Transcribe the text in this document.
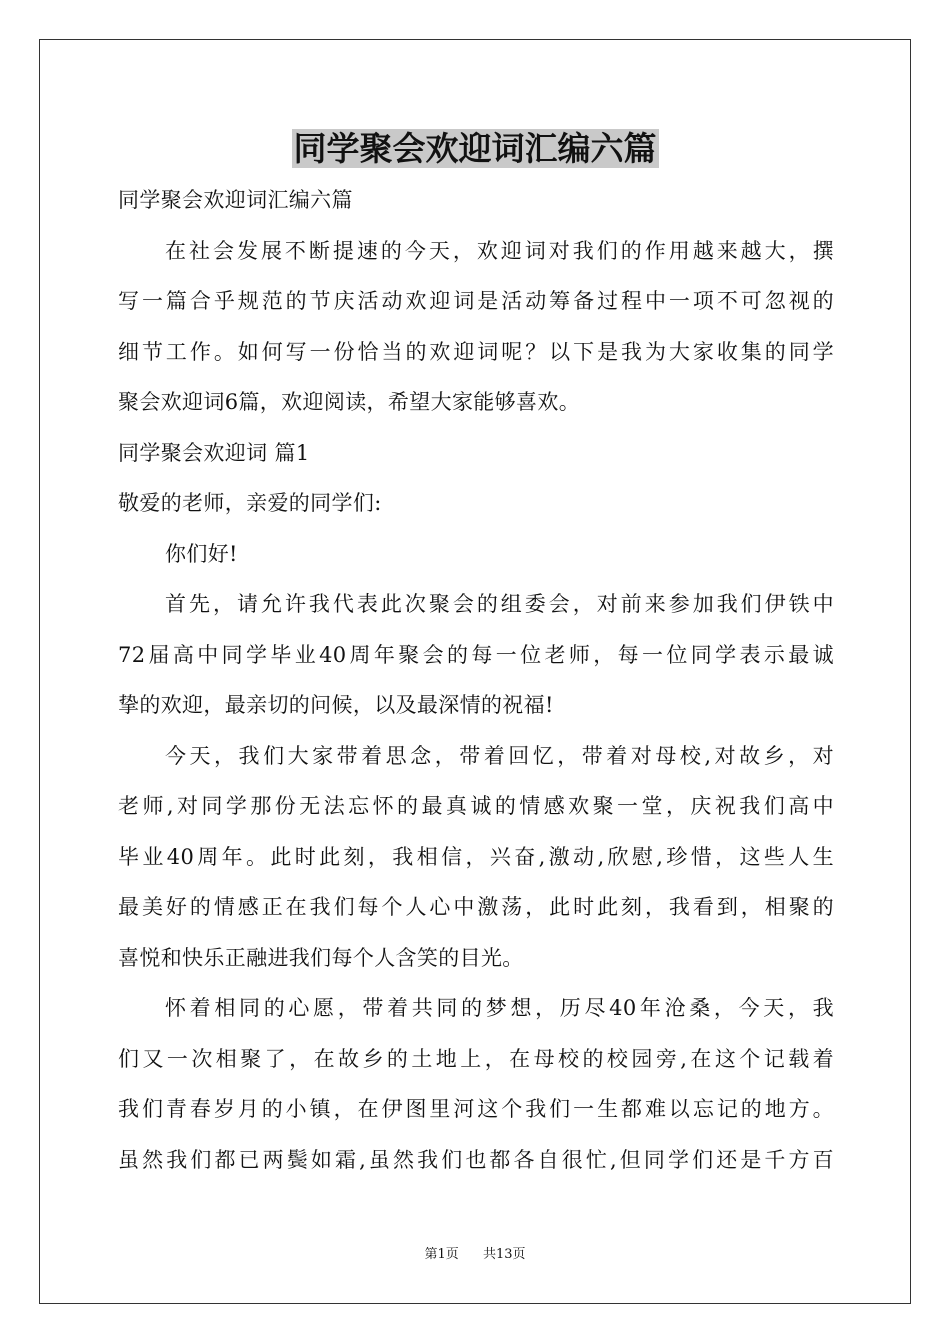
同学聚会欢迎词汇编六篇
同学聚会欢迎词汇编六篇
在社会发展不断提速的今天，欢迎词对我们的作用越来越大，撰
写一篇合乎规范的节庆活动欢迎词是活动筹备过程中一项不可忽视的
细节工作。如何写一份恰当的欢迎词呢？以下是我为大家收集的同学
聚会欢迎词6篇，欢迎阅读，希望大家能够喜欢。
同学聚会欢迎词 篇1
敬爱的老师，亲爱的同学们:
你们好!
首先，请允许我代表此次聚会的组委会，对前来参加我们伊铁中
72届高中同学毕业40周年聚会的每一位老师，每一位同学表示最诚
挚的欢迎，最亲切的问候，以及最深情的祝福!
今天，我们大家带着思念，带着回忆，带着对母校,对故乡，对
老师,对同学那份无法忘怀的最真诚的情感欢聚一堂，庆祝我们高中
毕业40周年。此时此刻，我相信，兴奋,激动,欣慰,珍惜，这些人生
最美好的情感正在我们每个人心中激荡，此时此刻，我看到，相聚的
喜悦和快乐正融进我们每个人含笑的目光。
怀着相同的心愿，带着共同的梦想，历尽40年沧桑，今天，我
们又一次相聚了，在故乡的土地上，在母校的校园旁,在这个记载着
我们青春岁月的小镇，在伊图里河这个我们一生都难以忘记的地方。
虽然我们都已两鬓如霜,虽然我们也都各自很忙,但同学们还是千方百
第1页 共13页
